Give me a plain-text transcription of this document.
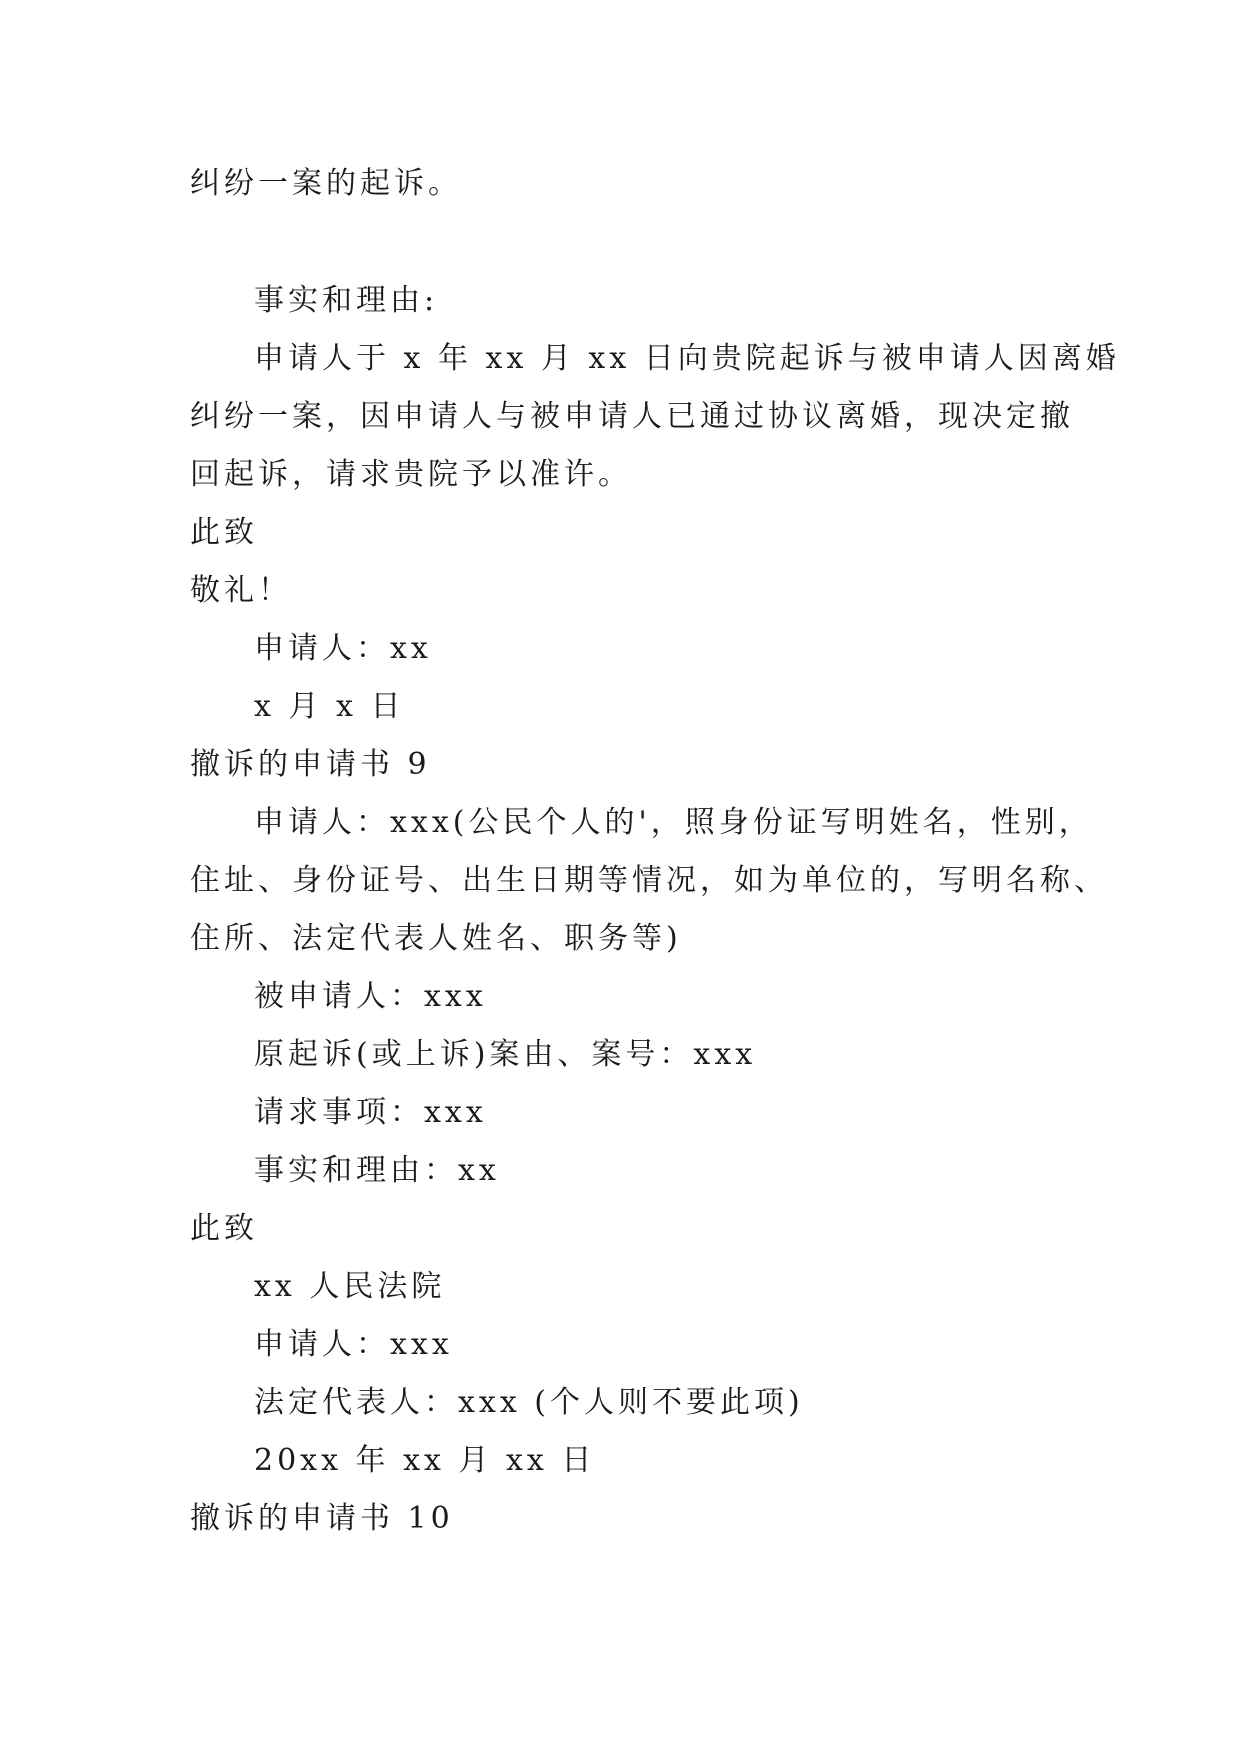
纠纷一案的起诉。
事实和理由:
申请人于 x 年 xx 月 xx 日向贵院起诉与被申请人因离婚
纠纷一案，因申请人与被申请人已通过协议离婚，现决定撤
回起诉，请求贵院予以准许。
此致
敬礼！
申请人：xx
x 月 x 日
撤诉的申请书 9
申请人：xxx(公民个人的'，照身份证写明姓名，性别，
住址、身份证号、出生日期等情况，如为单位的，写明名称、
住所、法定代表人姓名、职务等)
被申请人：xxx
原起诉(或上诉)案由、案号：xxx
请求事项：xxx
事实和理由：xx
此致
xx 人民法院
申请人：xxx
法定代表人：xxx (个人则不要此项)
20xx 年 xx 月 xx 日
撤诉的申请书 10
